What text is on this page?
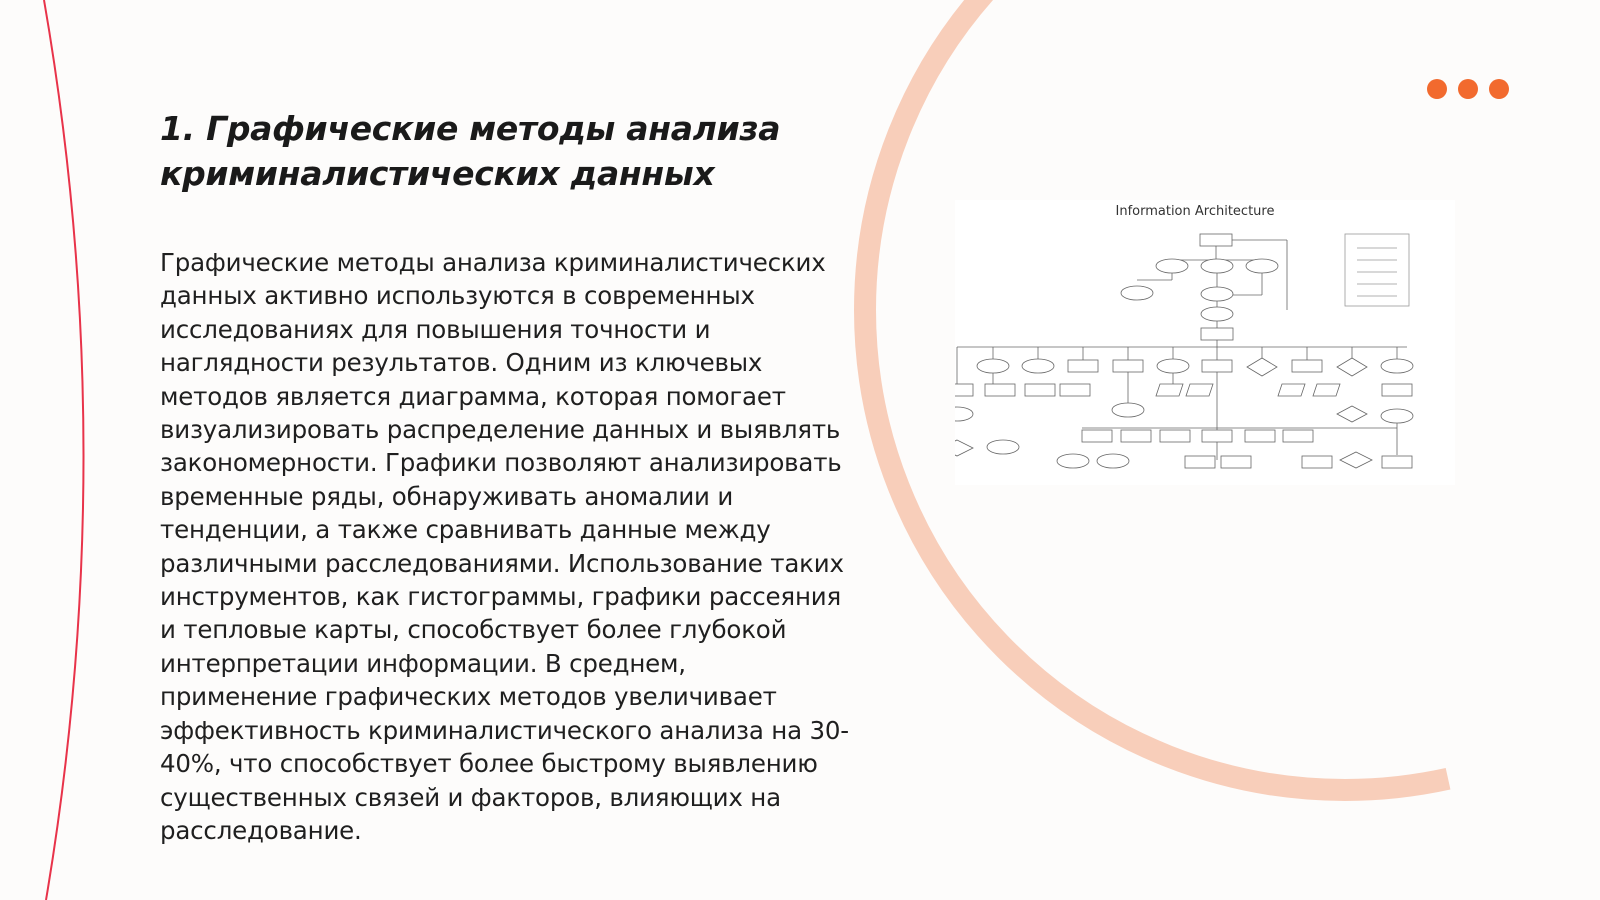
1. Графические методы анализа криминалистических данных

Графические методы анализа криминалистических данных активно используются в современных исследованиях для повышения точности и наглядности результатов. Одним из ключевых методов является диаграмма, которая помогает визуализировать распределение данных и выявлять закономерности. Графики позволяют анализировать временные ряды, обнаруживать аномалии и тенденции, а также сравнивать данные между различными расследованиями. Использование таких инструментов, как гистограммы, графики рассеяния и тепловые карты, способствует более глубокой интерпретации информации. В среднем, применение графических методов увеличивает эффективность криминалистического анализа на 30-40%, что способствует более быстрому выявлению существенных связей и факторов, влияющих на расследование.

Information Architecture
